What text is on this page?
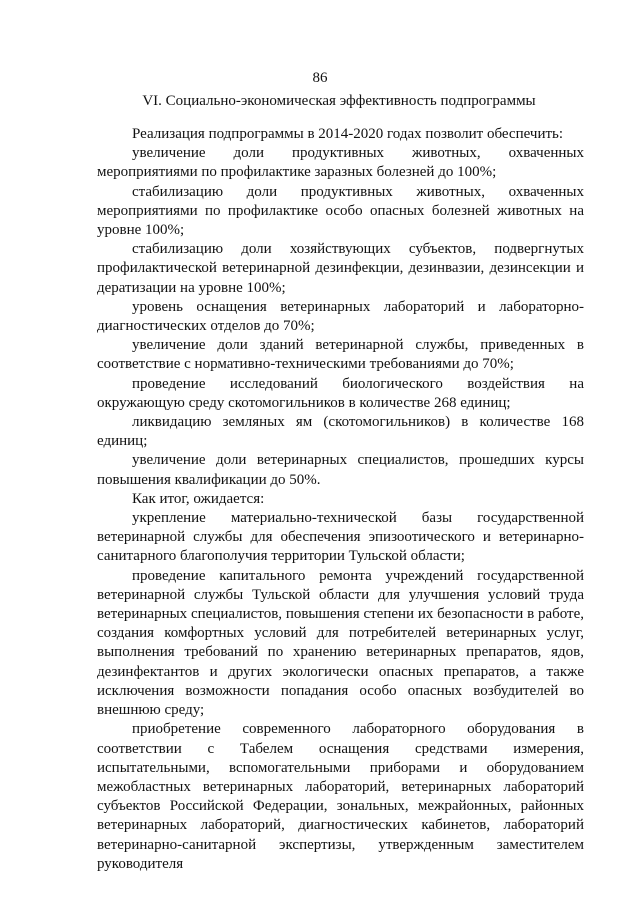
86
VI. Социально-экономическая эффективность подпрограммы

Реализация подпрограммы в 2014-2020 годах позволит обеспечить:

увеличение доли продуктивных животных, охваченных мероприятиями по профилактике заразных болезней до 100%;

стабилизацию доли продуктивных животных, охваченных мероприятиями по профилактике особо опасных болезней животных на уровне 100%;

стабилизацию доли хозяйствующих субъектов, подвергнутых профилактической ветеринарной дезинфекции, дезинвазии, дезинсекции и дератизации на уровне 100%;

уровень оснащения ветеринарных лабораторий и лабораторно-диагностических отделов до 70%;

увеличение доли зданий ветеринарной службы, приведенных в соответствие с нормативно-техническими требованиями до 70%;

проведение исследований биологического воздействия на окружающую среду скотомогильников в количестве 268 единиц;

ликвидацию земляных ям (скотомогильников) в количестве 168 единиц;

увеличение доли ветеринарных специалистов, прошедших курсы повышения квалификации до 50%.

Как итог, ожидается:

укрепление материально-технической базы государственной ветеринарной службы для обеспечения эпизоотического и ветеринарно-санитарного благополучия территории Тульской области;

проведение капитального ремонта учреждений государственной ветеринарной службы Тульской области для улучшения условий труда ветеринарных специалистов, повышения степени их безопасности в работе, создания комфортных условий для потребителей ветеринарных услуг, выполнения требований по хранению ветеринарных препаратов, ядов, дезинфектантов и других экологически опасных препаратов, а также исключения возможности попадания особо опасных возбудителей во внешнюю среду;

приобретение современного лабораторного оборудования в соответствии с Табелем оснащения средствами измерения, испытательными, вспомогательными приборами и оборудованием межобластных ветеринарных лабораторий, ветеринарных лабораторий субъектов Российской Федерации, зональных, межрайонных, районных ветеринарных лабораторий, диагностических кабинетов, лабораторий ветеринарно-санитарной экспертизы, утвержденным заместителем руководителя
